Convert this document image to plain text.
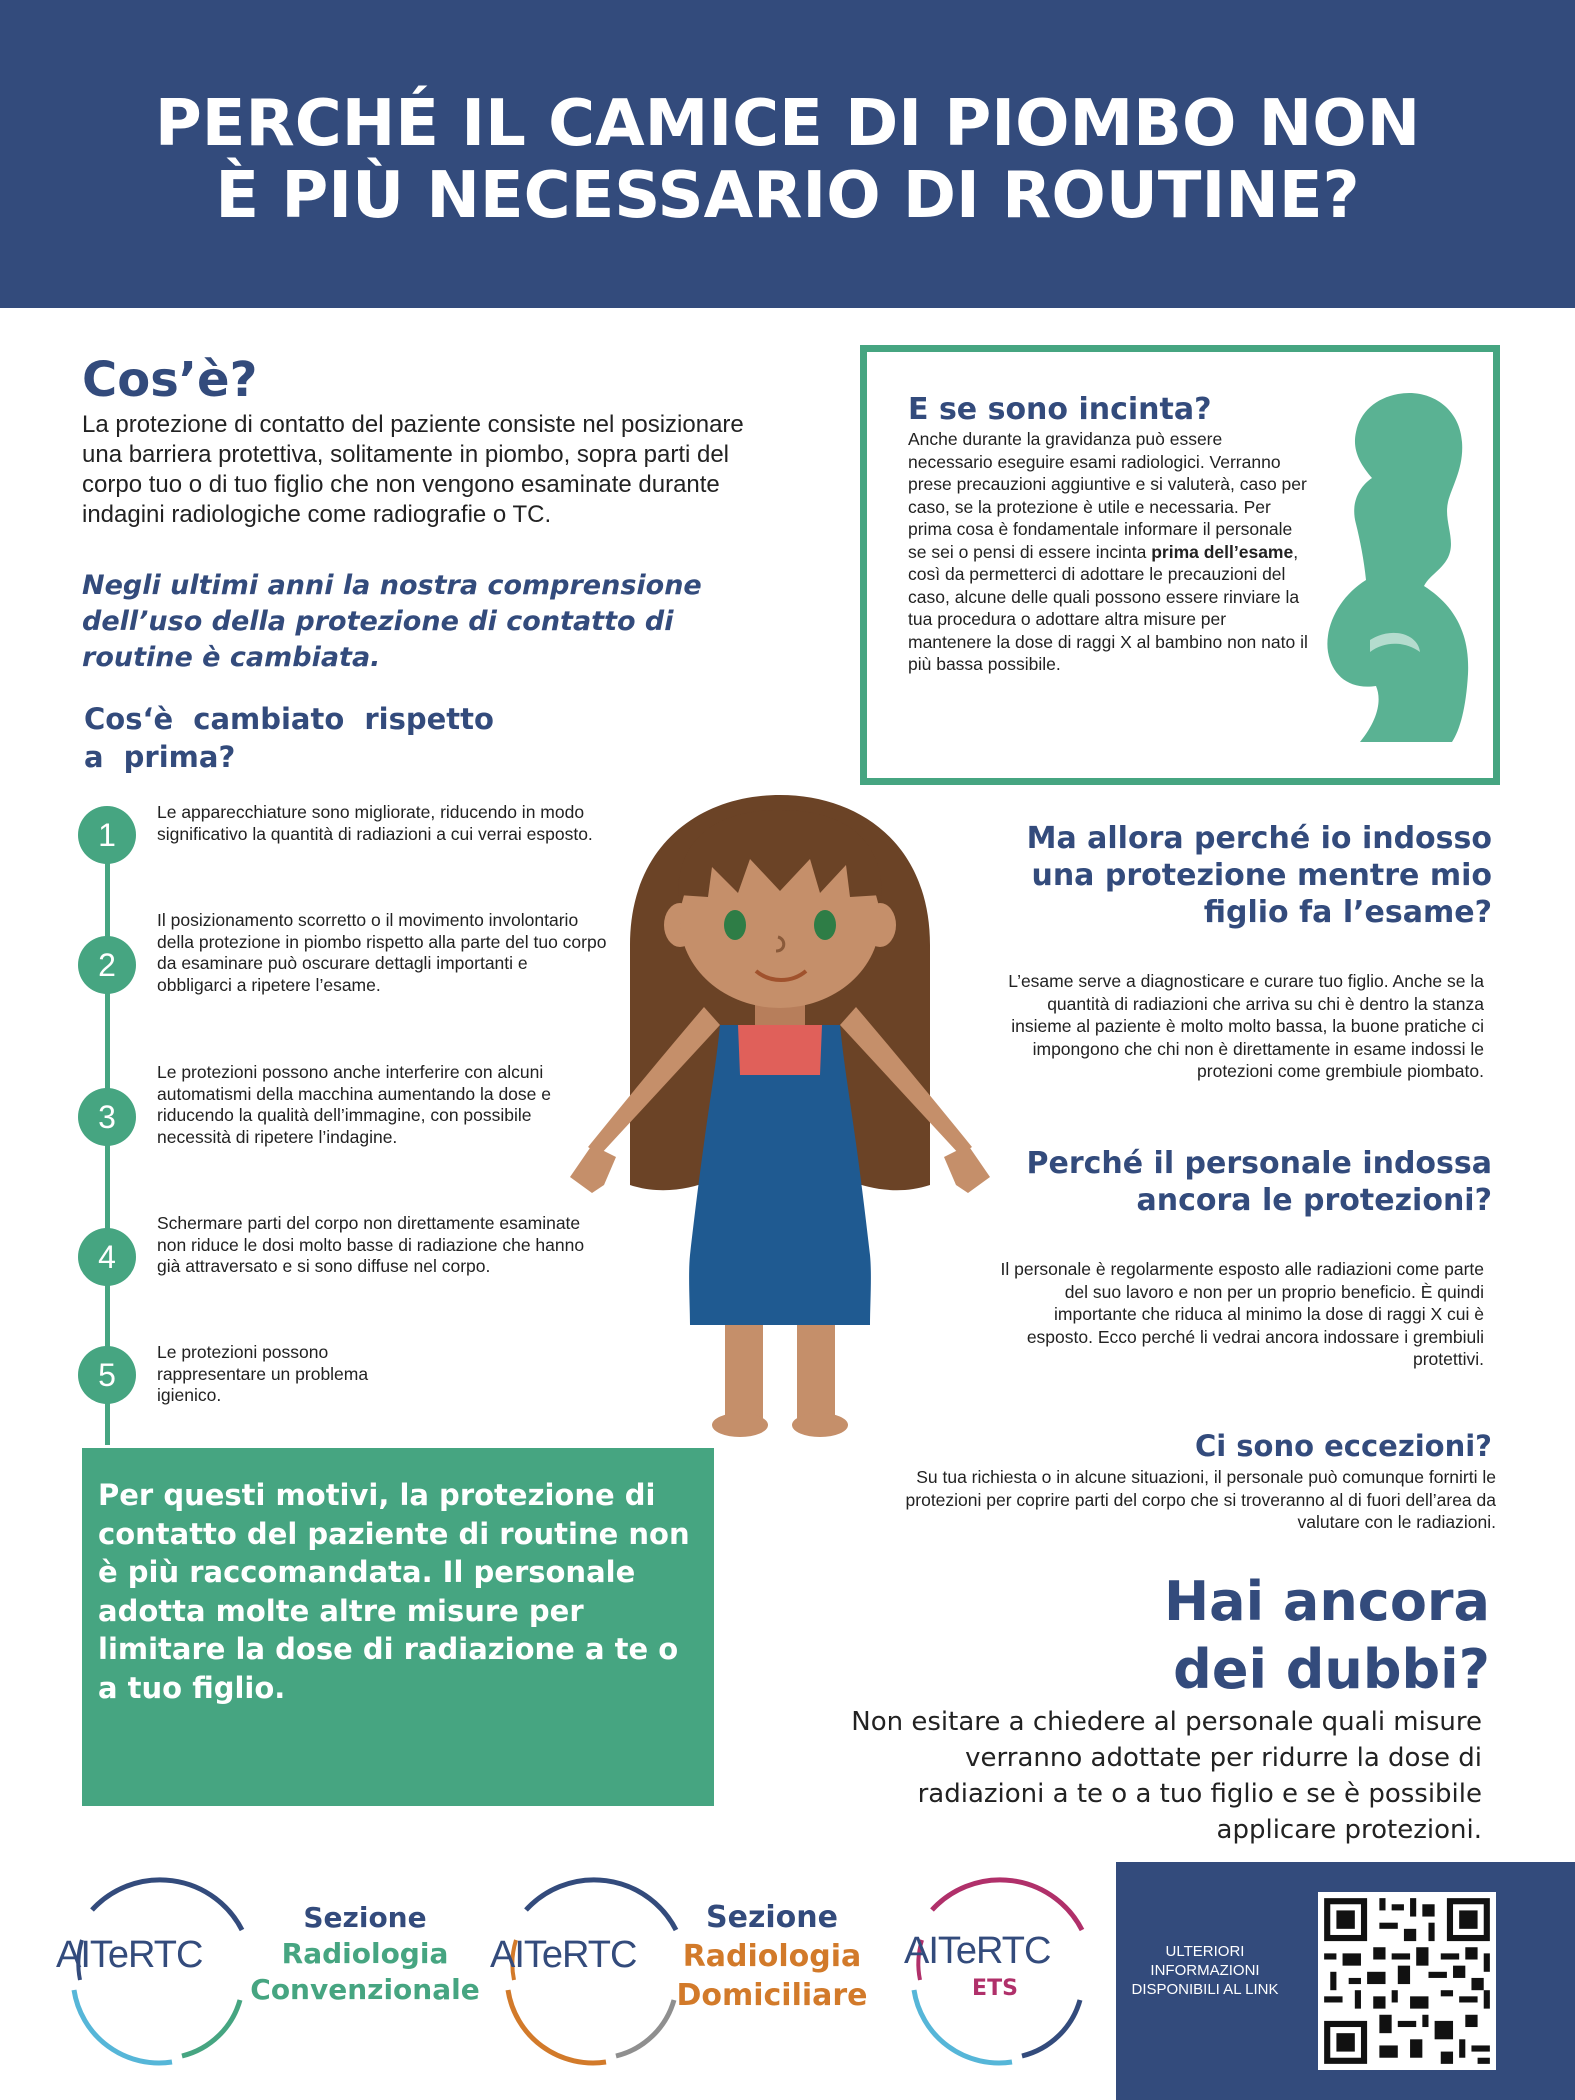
PERCHÉ IL CAMICE DI PIOMBO NON
È PIÙ NECESSARIO DI ROUTINE?
Cos’è?
La protezione di contatto del paziente consiste nel posizionare una barriera protettiva, solitamente in piombo, sopra parti del corpo tuo o di tuo figlio che non vengono esaminate durante indagini radiologiche come radiografie o TC.
Negli ultimi anni la nostra comprensione dell’uso della protezione di contatto di routine è cambiata.
Cos‘è cambiato rispetto
a prima?
1
Le apparecchiature sono migliorate, riducendo in modo significativo la quantità di radiazioni a cui verrai esposto.
2
Il posizionamento scorretto o il movimento involontario della protezione in piombo rispetto alla parte del tuo corpo da esaminare può oscurare dettagli importanti e obbligarci a ripetere l’esame.
3
Le protezioni possono anche interferire con alcuni automatismi della macchina aumentando la dose e riducendo la qualità dell’immagine, con possibile necessità di ripetere l’indagine.
4
Schermare parti del corpo non direttamente esaminate non riduce le dosi molto basse di radiazione che hanno già attraversato e si sono diffuse nel corpo.
5
Le protezioni possono rappresentare un problema igienico.
E se sono incinta?
Anche durante la gravidanza può essere necessario eseguire esami radiologici. Verranno prese precauzioni aggiuntive e si valuterà, caso per caso, se la protezione è utile e necessaria. Per prima cosa è fondamentale informare il personale se sei o pensi di essere incinta prima dell’esame, così da permetterci di adottare le precauzioni del caso, alcune delle quali possono essere rinviare la tua procedura o adottare altra misure per mantenere la dose di raggi X al bambino non nato il più bassa possibile.
Ma allora perché io indosso una protezione mentre mio figlio fa l’esame?
L’esame serve a diagnosticare e curare tuo figlio. Anche se la quantità di radiazioni che arriva su chi è dentro la stanza insieme al paziente è molto molto bassa, la buone pratiche ci impongono che chi non è direttamente in esame indossi le protezioni come grembiule piombato.
Perché il personale indossa ancora le protezioni?
Il personale è regolarmente esposto alle radiazioni come parte del suo lavoro e non per un proprio beneficio. È quindi importante che riduca al minimo la dose di raggi X cui è esposto. Ecco perché li vedrai ancora indossare i grembiuli protettivi.
Ci sono eccezioni?
Su tua richiesta o in alcune situazioni, il personale può comunque fornirti le protezioni per coprire parti del corpo che si troveranno al di fuori dell’area da valutare con le radiazioni.
Per questi motivi, la protezione di contatto del paziente di routine non è più raccomandata. Il personale adotta molte altre misure per limitare la dose di radiazione a te o a tuo figlio.
Hai ancora
dei dubbi?
Non esitare a chiedere al personale quali misure verranno adottate per ridurre la dose di radiazioni a te o a tuo figlio e se è possibile applicare protezioni.
AITeRTC
Sezione
Radiologia
Convenzionale
AITeRTC
Sezione
Radiologia
Domiciliare
AITeRTC
ETS
ULTERIORI INFORMAZIONI DISPONIBILI AL LINK
